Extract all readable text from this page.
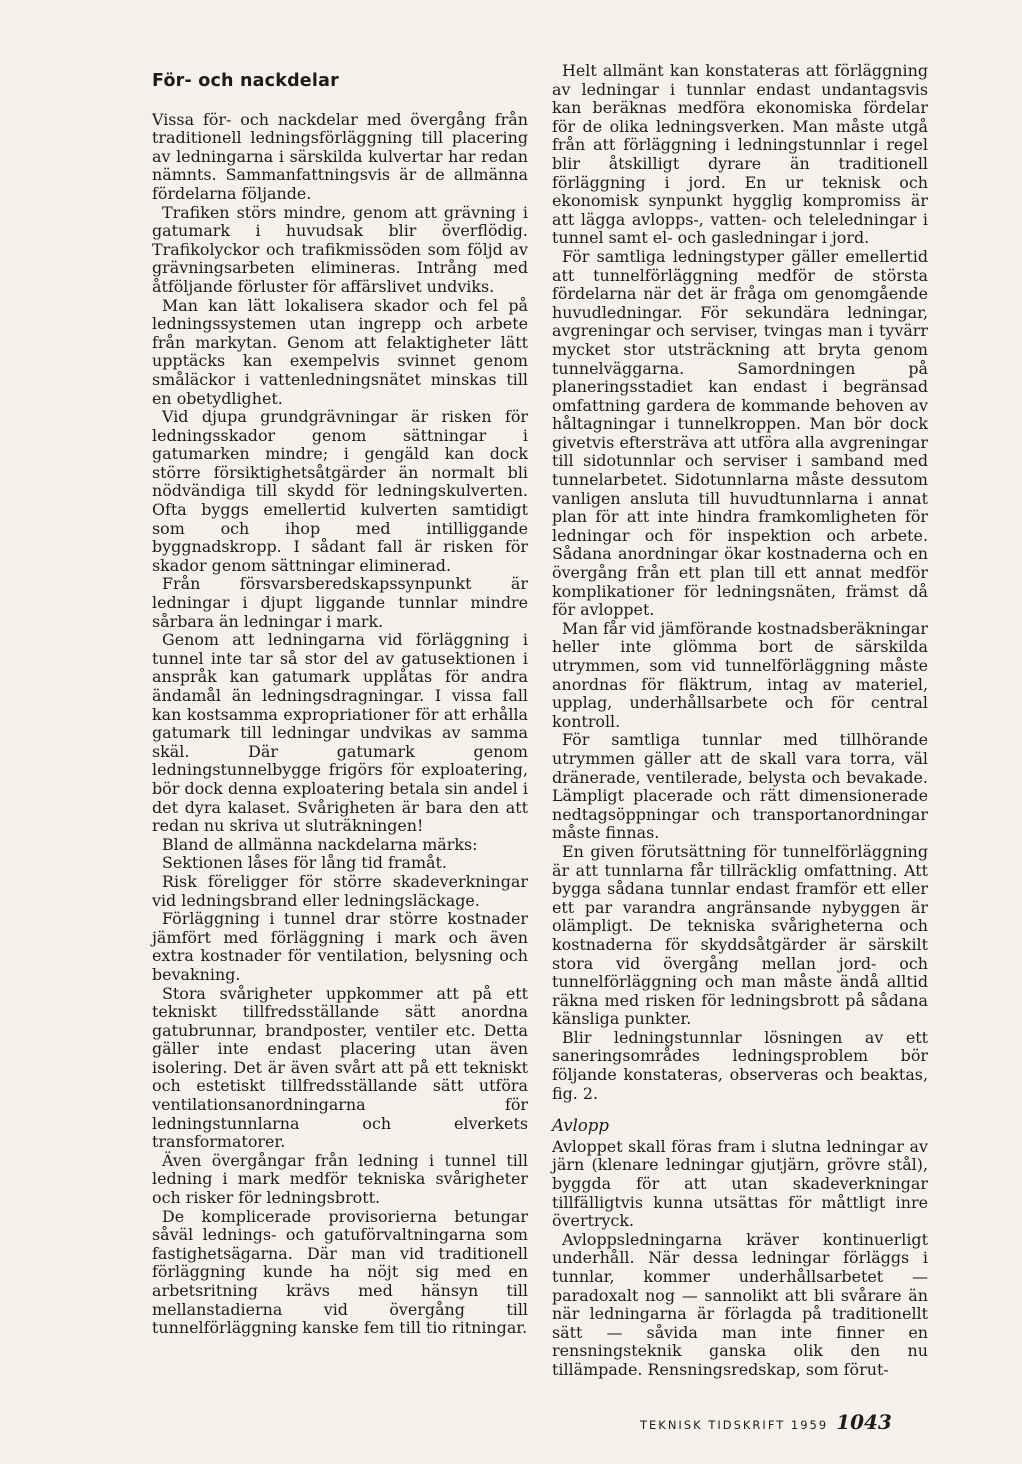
För- och nackdelar

Vissa för- och nackdelar med övergång från traditionell ledningsförläggning till placering av ledningarna i särskilda kulvertar har redan nämnts. Sammanfattningsvis är de allmänna fördelarna följande.

Trafiken störs mindre, genom att grävning i gatumark i huvudsak blir överflödig. Trafikolyckor och trafikmissöden som följd av grävningsarbeten elimineras. Intrång med åtföljande förluster för affärslivet undviks.

Man kan lätt lokalisera skador och fel på ledningssystemen utan ingrepp och arbete från markytan. Genom att felaktigheter lätt upptäcks kan exempelvis svinnet genom småläckor i vattenledningsnätet minskas till en obetydlighet.

Vid djupa grundgrävningar är risken för ledningsskador genom sättningar i gatumarken mindre; i gengäld kan dock större försiktighetsåtgärder än normalt bli nödvändiga till skydd för ledningskulverten. Ofta byggs emellertid kulverten samtidigt som och ihop med intilliggande byggnadskropp. I sådant fall är risken för skador genom sättningar eliminerad.

Från försvarsberedskapssynpunkt är ledningar i djupt liggande tunnlar mindre sårbara än ledningar i mark.

Genom att ledningarna vid förläggning i tunnel inte tar så stor del av gatusektionen i anspråk kan gatumark upplåtas för andra ändamål än ledningsdragningar. I vissa fall kan kostsamma expropriationer för att erhålla gatumark till ledningar undvikas av samma skäl. Där gatumark genom ledningstunnelbygge frigörs för exploatering, bör dock denna exploatering betala sin andel i det dyra kalaset. Svårigheten är bara den att redan nu skriva ut sluträkningen!

Bland de allmänna nackdelarna märks:

Sektionen låses för lång tid framåt.

Risk föreligger för större skadeverkningar vid ledningsbrand eller ledningsläckage.

Förläggning i tunnel drar större kostnader jämfört med förläggning i mark och även extra kostnader för ventilation, belysning och bevakning.

Stora svårigheter uppkommer att på ett tekniskt tillfredsställande sätt anordna gatubrunnar, brandposter, ventiler etc. Detta gäller inte endast placering utan även isolering. Det är även svårt att på ett tekniskt och estetiskt tillfredsställande sätt utföra ventilationsanordningarna för ledningstunnlarna och elverkets transformatorer.

Även övergångar från ledning i tunnel till ledning i mark medför tekniska svårigheter och risker för ledningsbrott.

De komplicerade provisorierna betungar såväl lednings- och gatuförvaltningarna som fastighetsägarna. Där man vid traditionell förläggning kunde ha nöjt sig med en arbetsritning krävs med hänsyn till mellanstadierna vid övergång till tunnelförläggning kanske fem till tio ritningar.

Helt allmänt kan konstateras att förläggning av ledningar i tunnlar endast undantagsvis kan beräknas medföra ekonomiska fördelar för de olika ledningsverken. Man måste utgå från att förläggning i ledningstunnlar i regel blir åtskilligt dyrare än traditionell förläggning i jord. En ur teknisk och ekonomisk synpunkt hygglig kompromiss är att lägga avlopps-, vatten- och teleledningar i tunnel samt el- och gasledningar i jord.

För samtliga ledningstyper gäller emellertid att tunnelförläggning medför de största fördelarna när det är fråga om genomgående huvudledningar. För sekundära ledningar, avgreningar och serviser, tvingas man i tyvärr mycket stor utsträckning att bryta genom tunnelväggarna. Samordningen på planeringsstadiet kan endast i begränsad omfattning gardera de kommande behoven av håltagningar i tunnelkroppen. Man bör dock givetvis eftersträva att utföra alla avgreningar till sidotunnlar och serviser i samband med tunnelarbetet. Sidotunnlarna måste dessutom vanligen ansluta till huvudtunnlarna i annat plan för att inte hindra framkomligheten för ledningar och för inspektion och arbete. Sådana anordningar ökar kostnaderna och en övergång från ett plan till ett annat medför komplikationer för ledningsnäten, främst då för avloppet.

Man får vid jämförande kostnadsberäkningar heller inte glömma bort de särskilda utrymmen, som vid tunnelförläggning måste anordnas för fläktrum, intag av materiel, upplag, underhållsarbete och för central kontroll.

För samtliga tunnlar med tillhörande utrymmen gäller att de skall vara torra, väl dränerade, ventilerade, belysta och bevakade. Lämpligt placerade och rätt dimensionerade nedtagsöppningar och transportanordningar måste finnas.

En given förutsättning för tunnelförläggning är att tunnlarna får tillräcklig omfattning. Att bygga sådana tunnlar endast framför ett eller ett par varandra angränsande nybyggen är olämpligt. De tekniska svårigheterna och kostnaderna för skyddsåtgärder är särskilt stora vid övergång mellan jord- och tunnelförläggning och man måste ändå alltid räkna med risken för ledningsbrott på sådana känsliga punkter.

Blir ledningstunnlar lösningen av ett saneringsområdes ledningsproblem bör följande konstateras, observeras och beaktas, fig. 2.

Avlopp

Avloppet skall föras fram i slutna ledningar av järn (klenare ledningar gjutjärn, grövre stål), byggda för att utan skadeverkningar tillfälligtvis kunna utsättas för måttligt inre övertryck.

Avloppsledningarna kräver kontinuerligt underhåll. När dessa ledningar förläggs i tunnlar, kommer underhållsarbetet — paradoxalt nog — sannolikt att bli svårare än när ledningarna är förlagda på traditionellt sätt — såvida man inte finner en rensningsteknik ganska olik den nu tillämpade. Rensningsredskap, som förut-

TEKNISK TIDSKRIFT 1959 1043
